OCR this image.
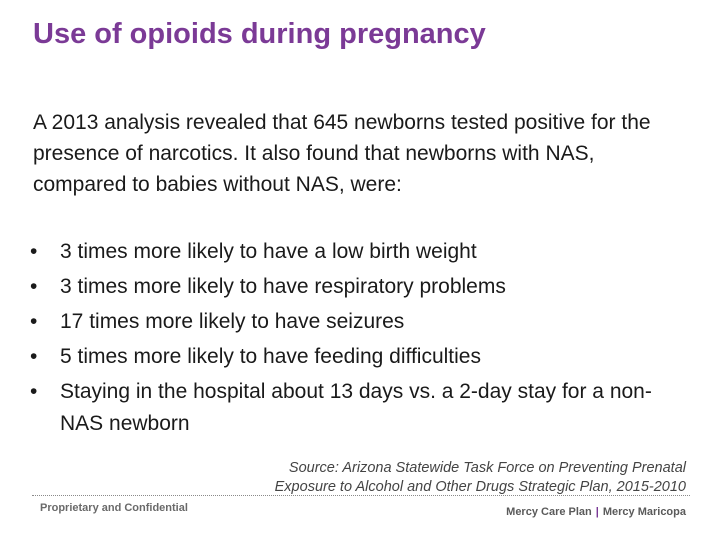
Use of opioids during pregnancy
A 2013 analysis revealed that 645 newborns tested positive for the presence of narcotics. It also found that newborns with NAS, compared to babies without NAS, were:
• 3 times more likely to have a low birth weight
• 3 times more likely to have respiratory problems
• 17 times more likely to have seizures
• 5 times more likely to have feeding difficulties
• Staying in the hospital about 13 days vs. a 2-day stay for a non-NAS newborn
Source: Arizona Statewide Task Force on Preventing Prenatal
Exposure to Alcohol and Other Drugs Strategic Plan, 2015-2010
Proprietary and Confidential	Mercy Care Plan | Mercy Maricopa
